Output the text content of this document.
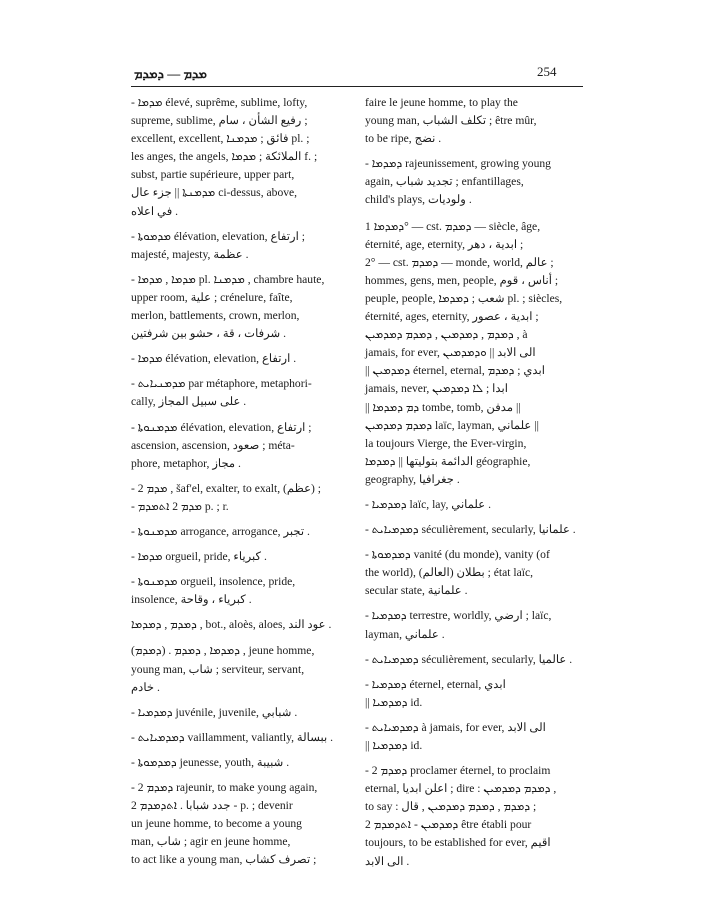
ܡܕܡ — ܕܡܕܡ	254
- ܡܕܡܐ élevé, suprême, sublime, lofty,
supreme, sublime, رفيع الشأن ، سام ;
excellent, excellent, فائق ; ܡܕܡܢܐ pl. ;
les anges, the angels, الملائكة ; ܡܕܡܐ f. ;
subst, partie supérieure, upper part,
ܡܕܡܢܬܐ || جزء عال ci-dessus, above,
في اعلاه .
- ܡܕܡܘܬܐ élévation, elevation, ارتفاع ;
majesté, majesty, عظمة .
- ܡܕܡܐ , ܡܕܡܐ pl. ܡܕܡܢܐ , chambre haute,
upper room, علية ; crénelure, faîte,
merlon, battlements, crown, merlon,
شرفات ، قة ، حشو بين شرفتين .
- ܡܕܡܐ élévation, elevation, ارتفاع .
- ܡܕܡܢܝܐܝܬ par métaphore, metaphori-
cally, على سبيل المجاز .
- ܡܕܡܢܘܬܐ élévation, elevation, ارتفاع ;
ascension, ascension, صعود ; méta-
phore, metaphor, مجاز .
- ܡܕܡ 2 , šaf'el, exalter, to exalt, (عظم) ;
- ܡܕܡ 2 ܐܬܡܕܡ p. ; r.
- ܡܕܡܢܘܬܐ arrogance, arrogance, تجبر .
- ܡܕܡܐ orgueil, pride, كبرياء .
- ܡܕܡܢܘܬܐ orgueil, insolence, pride,
insolence, كبرياء ، وقاحة .
ܕܡܕܡ , ܕܡܕܡܐ , bot., aloès, aloes, عود الند .
(ܕܡܕܡ) . ܕܡܕܡܐ , ܕܡܕܡ , jeune homme,
young man, شاب ; serviteur, servant,
خادم .
- ܕܡܕܡܝܐ juvénile, juvenile, شبابي .
- ܕܡܕܡܝܐܝܬ vaillamment, valiantly, ببسالة .
- ܕܡܕܡܘܬܐ jeunesse, youth, شبيبة .
- 2 ܕܡܕܡ rajeunir, to make young again,
جدد شبابا . ܐܬܕܡܕܡ 2 - p. ; devenir
un jeune homme, to become a young
man, شاب ; agir en jeune homme,
to act like a young man, تصرف كشاب ;
faire le jeune homme, to play the
young man, تكلف الشباب ; être mûr,
to be ripe, نضج .
- ܕܡܕܡܐ rajeunissement, growing young
again, تجديد شباب ; enfantillages,
child's plays, ولوديات .
ܕܡܕܡܐ 1° — cst. ܕܡܕܡ — siècle, âge,
éternité, age, eternity, ابدية ، دهر ;
2° — cst. ܕܡܕܡ — monde, world, عالم ;
hommes, gens, men, people, أناس ، قوم ;
peuple, people, شعب ; ܕܡܕܡܐ pl. ; siècles,
éternité, ages, eternity, ابدية ، عصور ;
ܕܡܕܡ , ܕܡܕܡܝܢ , ܕܡܕܡ ܕܡܕܡܝܢ , à
jamais, for ever, الى الابد || ܘܕܡܕܡܝܢ
|| ܕܡܕܡܝܢ éternel, eternal, ابدي ; ܕܡܕܡ
jamais, never, ابدا ; ܠܐ ܕܡܕܡܝܢ
|| ܕܡ ܕܡܕܡܐ tombe, tomb, مدفن ||
ܕܡܕܡ ܕܡܕܡܝܢ laïc, layman, علماني ||
la toujours Vierge, the Ever-virgin,
الدائمة بتوليتها || ܕܡܕܡܐ géographie,
geography, جغرافيا .
- ܕܡܕܡܝܐ laïc, lay, علماني .
- ܕܡܕܡܝܐܝܬ séculièrement, secularly, علمانيا .
- ܕܡܕܡܘܬܐ vanité (du monde), vanity (of
the world), بطلان (العالم) ; état laïc,
secular state, علمانية .
- ܕܡܕܡܝܐ terrestre, worldly, ارضي ; laïc,
layman, علماني .
- ܕܡܕܡܝܐܝܬ séculièrement, secularly, عالميا .
- ܕܡܕܡܝܐ éternel, eternal, ابدي
|| ܕܡܕܡܝܐ id.
- ܕܡܕܡܝܐܝܬ à jamais, for ever, الى الابد
|| ܕܡܕܡܝܐ id.
- 2 ܕܡܕܡ proclamer éternel, to proclaim
eternal, اعلن ابديا ; dire : ܕܡܕܡ ܕܡܕܡܝܢ ,
to say : ܕܡܕܡ , ܕܡܕܡ ܕܡܕܡܝܢ , قال ;
ܕܡܕܡܝܢ - ܐܬܕܡܕܡ 2 être établi pour
toujours, to be established for ever, اقيم
الى الابد .
